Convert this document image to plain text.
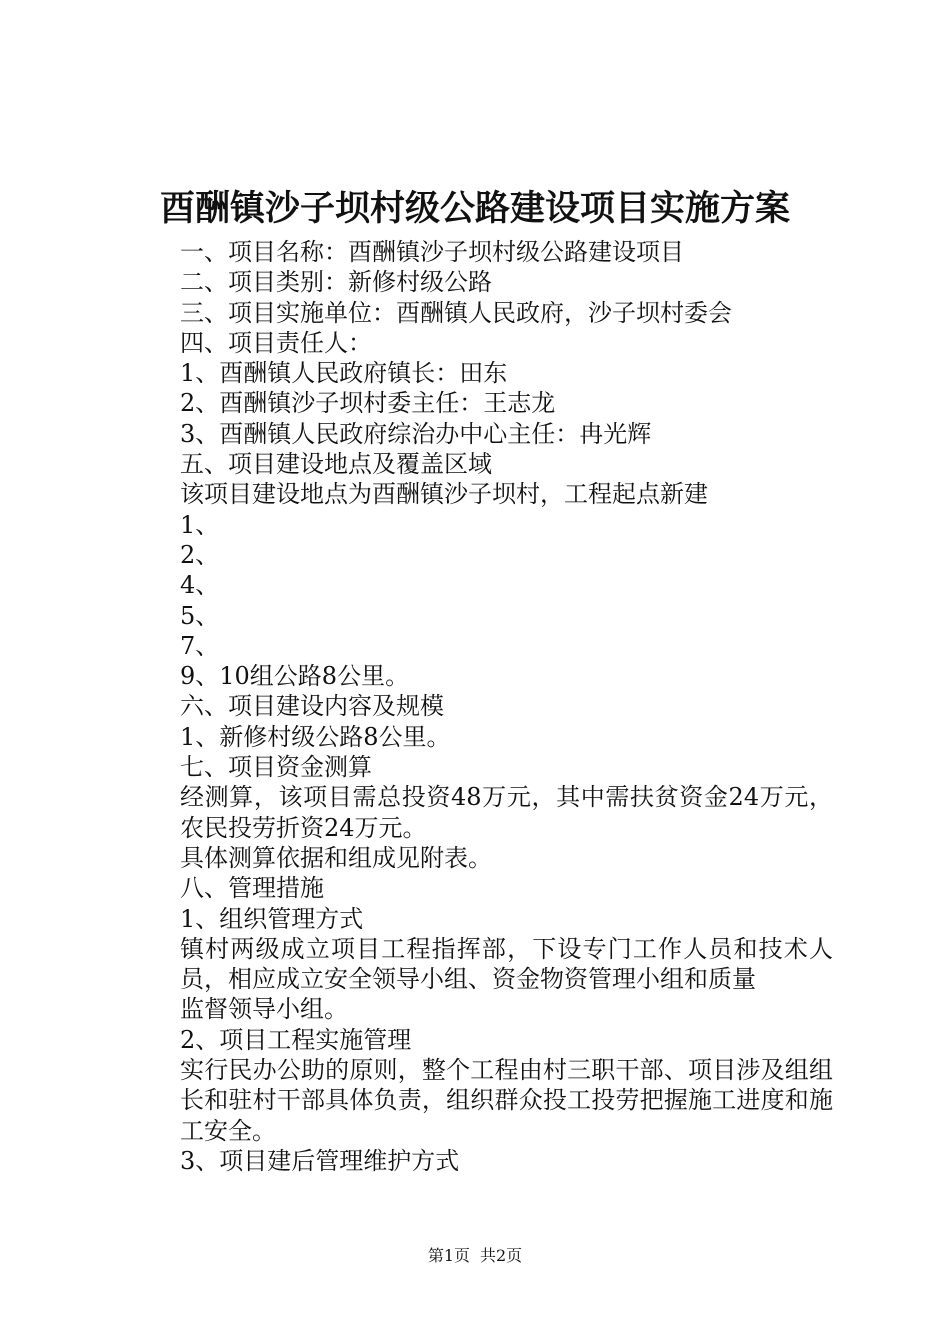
酉酬镇沙子坝村级公路建设项目实施方案
一、项目名称：酉酬镇沙子坝村级公路建设项目
二、项目类别：新修村级公路
三、项目实施单位：酉酬镇人民政府，沙子坝村委会
四、项目责任人：
1、酉酬镇人民政府镇长：田东
2、酉酬镇沙子坝村委主任：王志龙
3、酉酬镇人民政府综治办中心主任：冉光辉
五、项目建设地点及覆盖区域
该项目建设地点为酉酬镇沙子坝村，工程起点新建
1、
2、
4、
5、
7、
9、10组公路8公里。
六、项目建设内容及规模
1、新修村级公路8公里。
七、项目资金测算
经测算，该项目需总投资48万元，其中需扶贫资金24万元，农民投劳折资24万元。
具体测算依据和组成见附表。
八、管理措施
1、组织管理方式
镇村两级成立项目工程指挥部，下设专门工作人员和技术人员，相应成立安全领导小组、资金物资管理小组和质量
监督领导小组。
2、项目工程实施管理
实行民办公助的原则，整个工程由村三职干部、项目涉及组组长和驻村干部具体负责，组织群众投工投劳把握施工进度和施工安全。
3、项目建后管理维护方式
第1页 共2页
